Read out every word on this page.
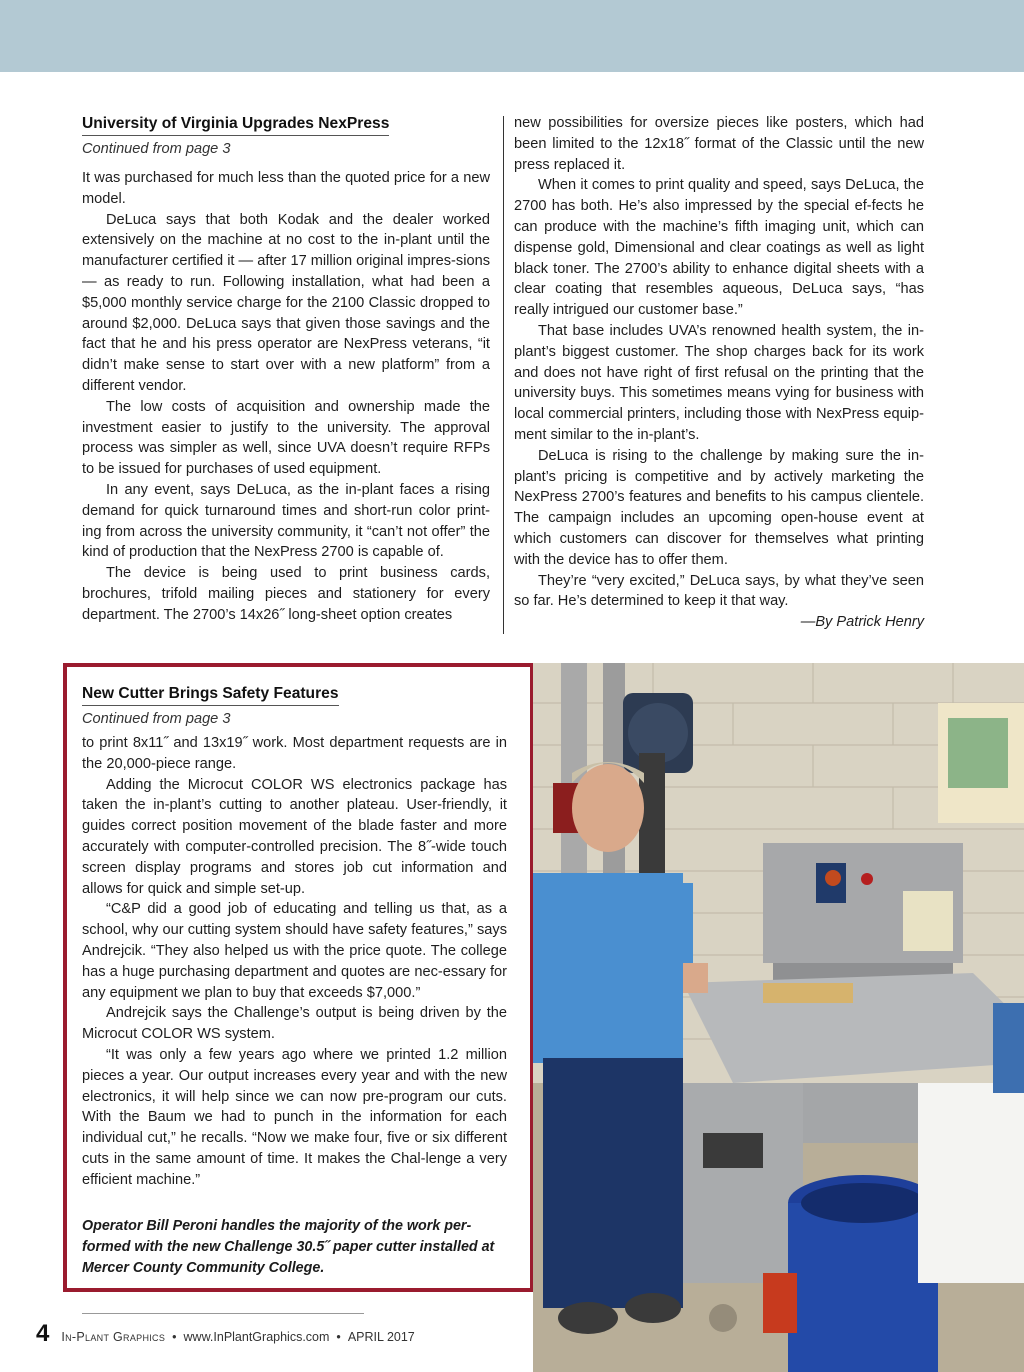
University of Virginia Upgrades NexPress
Continued from page 3

It was purchased for much less than the quoted price for a new model.

DeLuca says that both Kodak and the dealer worked extensively on the machine at no cost to the in-plant until the manufacturer certified it — after 17 million original impres-sions — as ready to run. Following installation, what had been a $5,000 monthly service charge for the 2100 Classic dropped to around $2,000. DeLuca says that given those savings and the fact that he and his press operator are NexPress veterans, “it didn’t make sense to start over with a new platform” from a different vendor.

The low costs of acquisition and ownership made the investment easier to justify to the university. The approval process was simpler as well, since UVA doesn’t require RFPs to be issued for purchases of used equipment.

In any event, says DeLuca, as the in-plant faces a rising demand for quick turnaround times and short-run color print-ing from across the university community, it “can’t not offer” the kind of production that the NexPress 2700 is capable of.

The device is being used to print business cards, brochures, trifold mailing pieces and stationery for every department. The 2700’s 14x26˝ long-sheet option creates

new possibilities for oversize pieces like posters, which had been limited to the 12x18˝ format of the Classic until the new press replaced it.

When it comes to print quality and speed, says DeLuca, the 2700 has both. He’s also impressed by the special ef-fects he can produce with the machine’s fifth imaging unit, which can dispense gold, Dimensional and clear coatings as well as light black toner. The 2700’s ability to enhance digital sheets with a clear coating that resembles aqueous, DeLuca says, “has really intrigued our customer base.”

That base includes UVA’s renowned health system, the in-plant’s biggest customer. The shop charges back for its work and does not have right of first refusal on the printing that the university buys. This sometimes means vying for business with local commercial printers, including those with NexPress equip-ment similar to the in-plant’s.

DeLuca is rising to the challenge by making sure the in-plant’s pricing is competitive and by actively marketing the NexPress 2700’s features and benefits to his campus clientele. The campaign includes an upcoming open-house event at which customers can discover for themselves what printing with the device has to offer them.

They’re “very excited,” DeLuca says, by what they’ve seen so far. He’s determined to keep it that way.

—By Patrick Henry

New Cutter Brings Safety Features
Continued from page 3

to print 8x11˝ and 13x19˝ work. Most department requests are in the 20,000-piece range.

Adding the Microcut COLOR WS electronics package has taken the in-plant’s cutting to another plateau. User-friendly, it guides correct position movement of the blade faster and more accurately with computer-controlled precision. The 8˝-wide touch screen display programs and stores job cut information and allows for quick and simple set-up.

“C&P did a good job of educating and telling us that, as a school, why our cutting system should have safety features,” says Andrejcik. “They also helped us with the price quote. The college has a huge purchasing department and quotes are nec-essary for any equipment we plan to buy that exceeds $7,000.”

Andrejcik says the Challenge’s output is being driven by the Microcut COLOR WS system.

“It was only a few years ago where we printed 1.2 million pieces a year. Our output increases every year and with the new electronics, it will help since we can now pre-program our cuts. With the Baum we had to punch in the information for each individual cut,” he recalls. “Now we make four, five or six different cuts in the same amount of time. It makes the Chal-lenge a very efficient machine.”

Operator Bill Peroni handles the majority of the work per-formed with the new Challenge 30.5˝ paper cutter installed at Mercer County Community College.
4 In-Plant Graphics • www.InPlantGraphics.com • APRIL 2017
